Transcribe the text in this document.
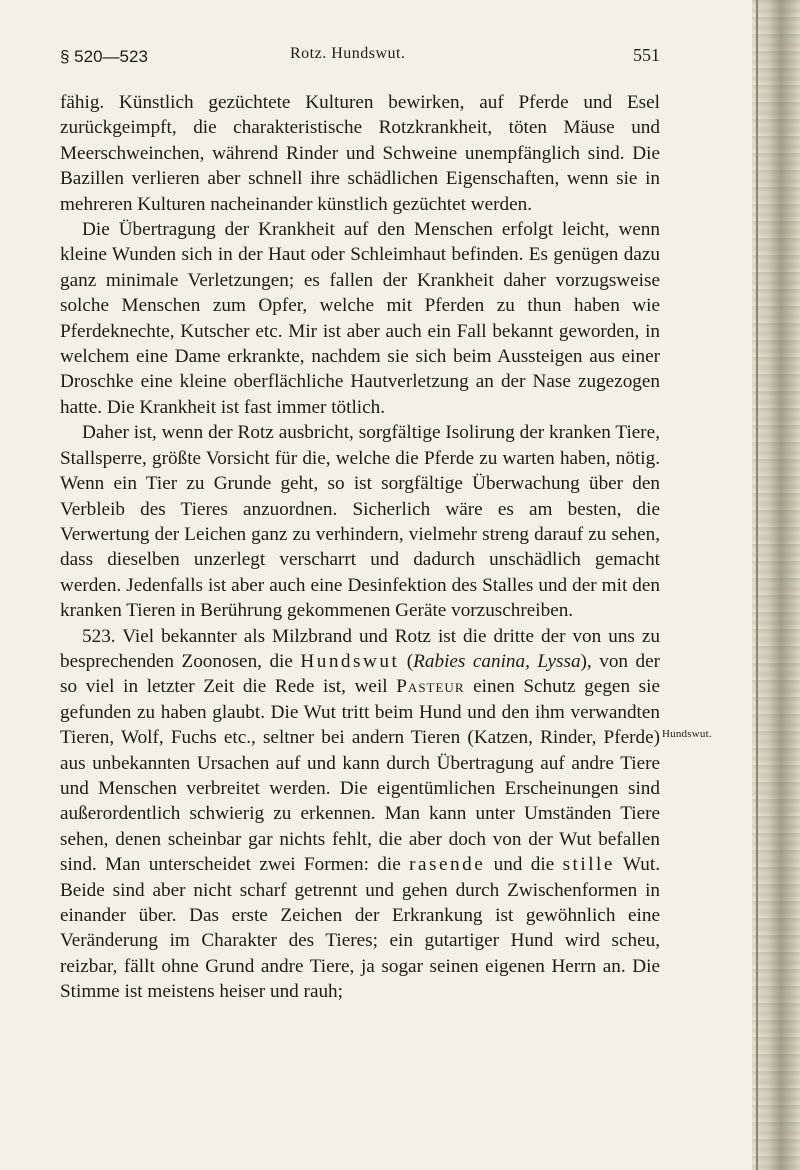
§ 520—523	Rotz. Hundswut.	551

fähig. Künstlich gezüchtete Kulturen bewirken, auf Pferde und Esel zurückgeimpft, die charakteristische Rotzkrankheit, töten Mäuse und Meerschweinchen, während Rinder und Schweine unempfänglich sind. Die Bazillen verlieren aber schnell ihre schädlichen Eigenschaften, wenn sie in mehreren Kulturen nacheinander künstlich gezüchtet werden.

Die Übertragung der Krankheit auf den Menschen erfolgt leicht, wenn kleine Wunden sich in der Haut oder Schleimhaut befinden. Es genügen dazu ganz minimale Verletzungen; es fallen der Krankheit daher vorzugsweise solche Menschen zum Opfer, welche mit Pferden zu thun haben wie Pferdeknechte, Kutscher etc. Mir ist aber auch ein Fall bekannt geworden, in welchem eine Dame erkrankte, nachdem sie sich beim Aussteigen aus einer Droschke eine kleine oberflächliche Hautverletzung an der Nase zugezogen hatte. Die Krankheit ist fast immer tötlich.

Daher ist, wenn der Rotz ausbricht, sorgfältige Isolirung der kranken Tiere, Stallsperre, größte Vorsicht für die, welche die Pferde zu warten haben, nötig. Wenn ein Tier zu Grunde geht, so ist sorgfältige Überwachung über den Verbleib des Tieres anzuordnen. Sicherlich wäre es am besten, die Verwertung der Leichen ganz zu verhindern, vielmehr streng darauf zu sehen, dass dieselben unzerlegt verscharrt und dadurch unschädlich gemacht werden. Jedenfalls ist aber auch eine Desinfektion des Stalles und der mit den kranken Tieren in Berührung gekommenen Geräte vorzuschreiben.

523. Viel bekannter als Milzbrand und Rotz ist die dritte der von uns zu besprechenden Zoonosen, die Hundswut (Rabies canina, Lyssa), von der so viel in letzter Zeit die Rede ist, weil Pasteur einen Schutz gegen sie gefunden zu haben glaubt. Die Wut tritt beim Hund und den ihm verwandten Tieren, Wolf, Fuchs etc., seltner bei andern Tieren (Katzen, Rinder, Pferde) aus unbekannten Ursachen auf und kann durch Übertragung auf andre Tiere und Menschen verbreitet werden. Die eigentümlichen Erscheinungen sind außerordentlich schwierig zu erkennen. Man kann unter Umständen Tiere sehen, denen scheinbar gar nichts fehlt, die aber doch von der Wut befallen sind. Man unterscheidet zwei Formen: die rasende und die stille Wut. Beide sind aber nicht scharf getrennt und gehen durch Zwischenformen in einander über. Das erste Zeichen der Erkrankung ist gewöhnlich eine Veränderung im Charakter des Tieres; ein gutartiger Hund wird scheu, reizbar, fällt ohne Grund andre Tiere, ja sogar seinen eigenen Herrn an. Die Stimme ist meistens heiser und rauh;

Hundswut.
